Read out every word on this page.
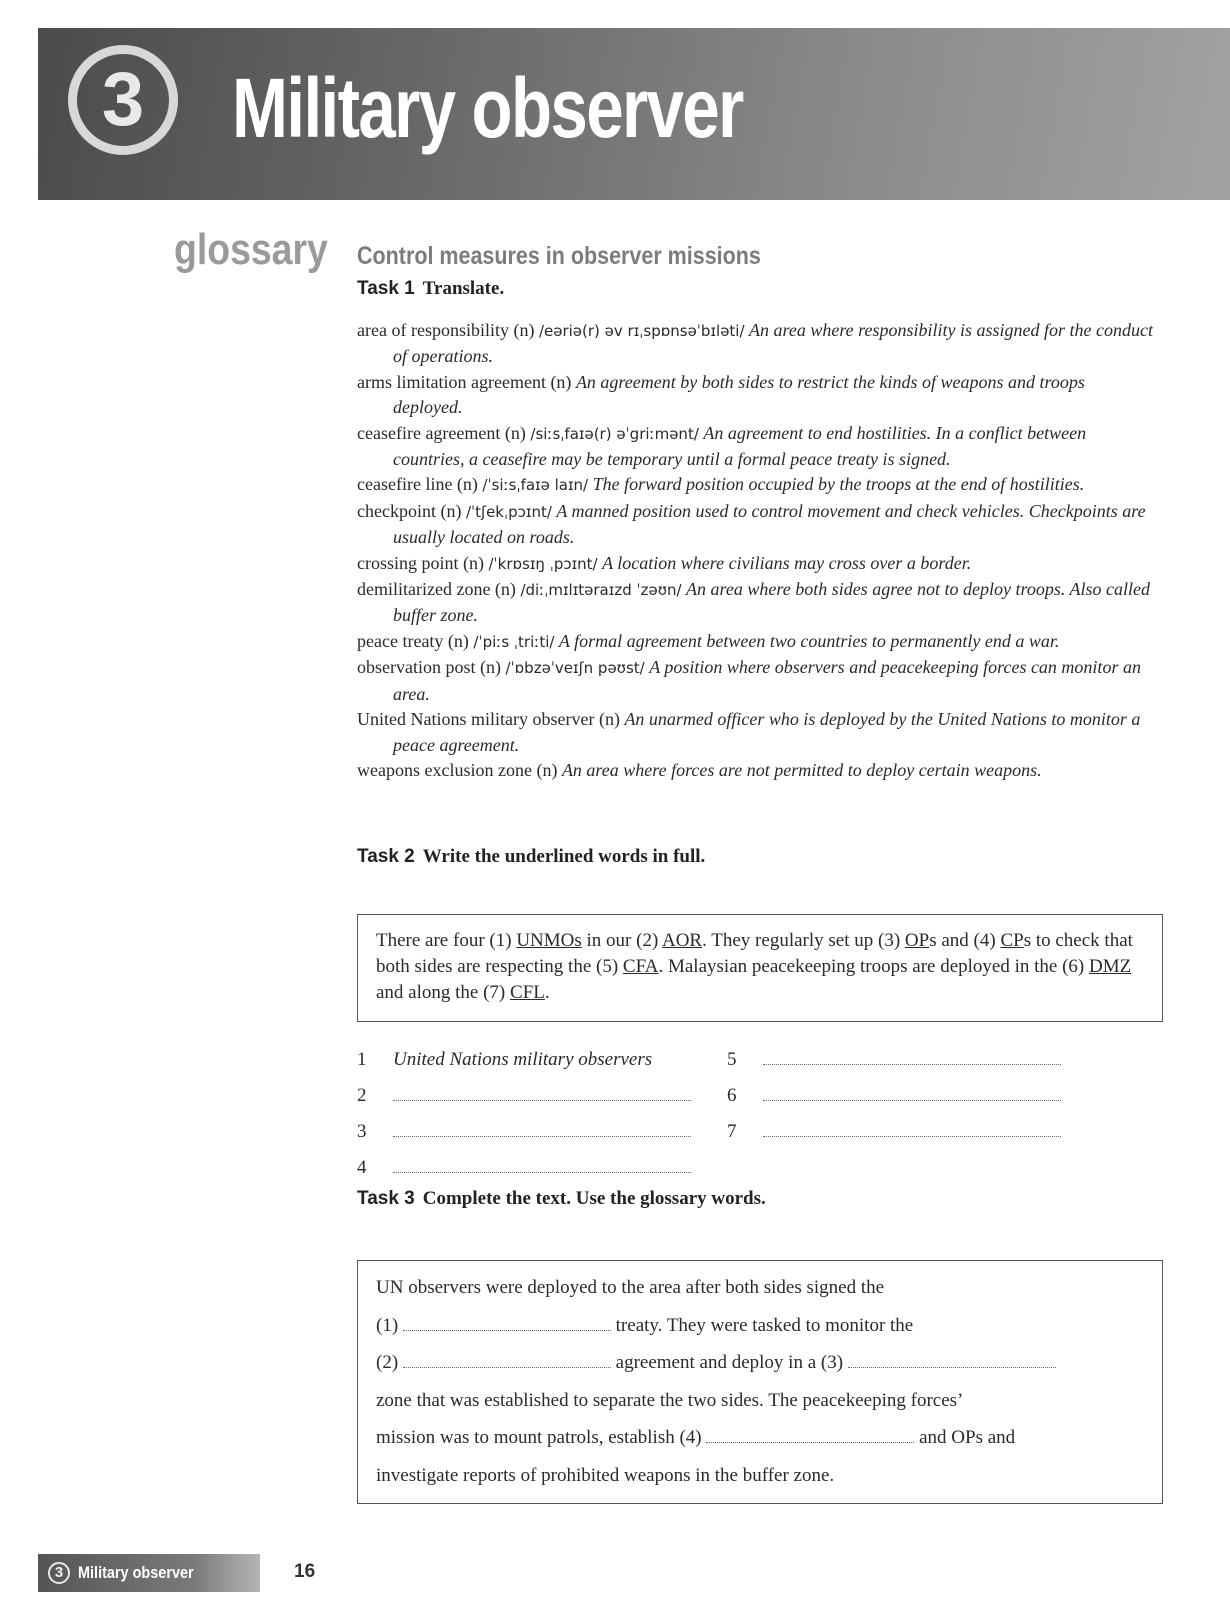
3	Military observer
glossary Control measures in observer missions

Task 1 Translate.

area of responsibility (n) /eəriə(r) əv rɪˌspɒnsəˈbɪləti/ An area where responsibility is assigned for the conduct of operations.
arms limitation agreement (n) An agreement by both sides to restrict the kinds of weapons and troops deployed.
ceasefire agreement (n) /siːsˌfaɪə(r) əˈgriːmənt/ An agreement to end hostilities. In a conflict between countries, a ceasefire may be temporary until a formal peace treaty is signed.
ceasefire line (n) /ˈsiːsˌfaɪə laɪn/ The forward position occupied by the troops at the end of hostilities.
checkpoint (n) /ˈtʃekˌpɔɪnt/ A manned position used to control movement and check vehicles. Checkpoints are usually located on roads.
crossing point (n) /ˈkrɒsɪŋ ˌpɔɪnt/ A location where civilians may cross over a border.
demilitarized zone (n) /diːˌmɪlɪtəraɪzd ˈzəʊn/ An area where both sides agree not to deploy troops. Also called buffer zone.
peace treaty (n) /ˈpiːs ˌtriːti/ A formal agreement between two countries to permanently end a war.
observation post (n) /ˈɒbzəˈveɪʃn pəʊst/ A position where observers and peacekeeping forces can monitor an area.
United Nations military observer (n) An unarmed officer who is deployed by the United Nations to monitor a peace agreement.
weapons exclusion zone (n) An area where forces are not permitted to deploy certain weapons.

Task 2 Write the underlined words in full.

There are four (1) UNMOs in our (2) AOR. They regularly set up (3) OPs and (4) CPs to check that both sides are respecting the (5) CFA. Malaysian peacekeeping troops are deployed in the (6) DMZ and along the (7) CFL.
1 United Nations military observers
2
3
4
5
6
7

Task 3 Complete the text. Use the glossary words.

UN observers were deployed to the area after both sides signed the
(1)	treaty. They were tasked to monitor the
(2)	agreement and deploy in a (3)
zone that was established to separate the two sides. The peacekeeping forces’
mission was to mount patrols, establish (4)	and OPs and
investigate reports of prohibited weapons in the buffer zone.
3 Military observer	16
